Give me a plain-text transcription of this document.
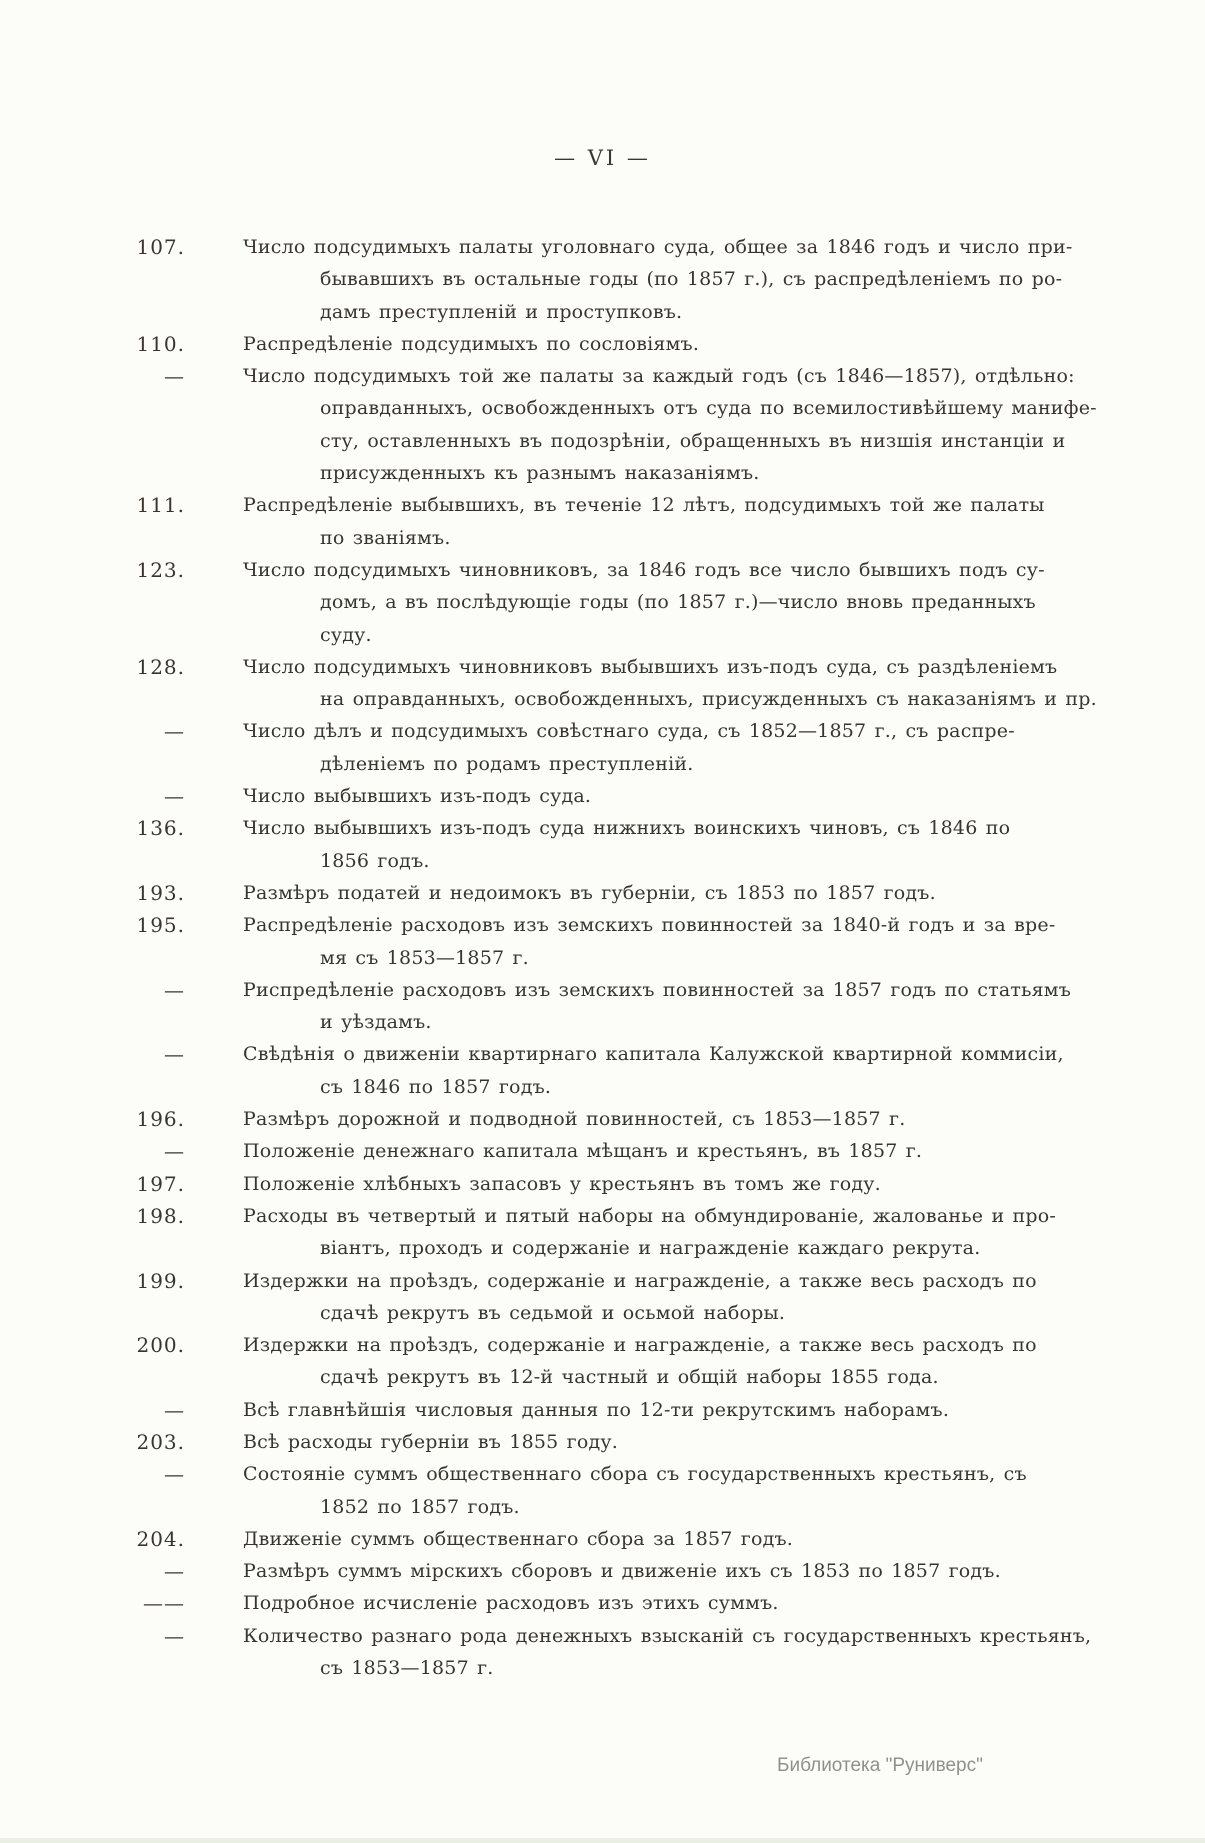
— VI —
107.	Число подсудимыхъ палаты уголовнаго суда, общее за 1846 годъ и число при-
бывавшихъ въ остальные годы (по 1857 г.), съ распредѣленіемъ по ро-
дамъ преступленій и проступковъ.
110.	Распредѣленіе подсудимыхъ по сословіямъ.
—	Число подсудимыхъ той же палаты за каждый годъ (съ 1846—1857), отдѣльно:
оправданныхъ, освобожденныхъ отъ суда по всемилостивѣйшему манифе-
сту, оставленныхъ въ подозрѣніи, обращенныхъ въ низшія инстанціи и
присужденныхъ къ разнымъ наказаніямъ.
111.	Распредѣленіе выбывшихъ, въ теченіе 12 лѣтъ, подсудимыхъ той же палаты
по званіямъ.
123.	Число подсудимыхъ чиновниковъ, за 1846 годъ все число бывшихъ подъ су-
домъ, а въ послѣдующіе годы (по 1857 г.)—число вновь преданныхъ
суду.
128.	Число подсудимыхъ чиновниковъ выбывшихъ изъ-подъ суда, съ раздѣленіемъ
на оправданныхъ, освобожденныхъ, присужденныхъ съ наказаніямъ и пр.
—	Число дѣлъ и подсудимыхъ совѣстнаго суда, съ 1852—1857 г., съ распре-
дѣленіемъ по родамъ преступленій.
—	Число выбывшихъ изъ-подъ суда.
136.	Число выбывшихъ изъ-подъ суда нижнихъ воинскихъ чиновъ, съ 1846 по
1856 годъ.
193.	Размѣръ податей и недоимокъ въ губерніи, съ 1853 по 1857 годъ.
195.	Распредѣленіе расходовъ изъ земскихъ повинностей за 1840-й годъ и за вре-
мя съ 1853—1857 г.
—	Риспредѣленіе расходовъ изъ земскихъ повинностей за 1857 годъ по статьямъ
и уѣздамъ.
—	Свѣдѣнія о движеніи квартирнаго капитала Калужской квартирной коммисіи,
съ 1846 по 1857 годъ.
196.	Размѣръ дорожной и подводной повинностей, съ 1853—1857 г.
—	Положеніе денежнаго капитала мѣщанъ и крестьянъ, въ 1857 г.
197.	Положеніе хлѣбныхъ запасовъ у крестьянъ въ томъ же году.
198.	Расходы въ четвертый и пятый наборы на обмундированіе, жалованье и про-
віантъ, проходъ и содержаніе и награжденіе каждаго рекрута.
199.	Издержки на проѣздъ, содержаніе и награжденіе, а также весь расходъ по
сдачѣ рекрутъ въ седьмой и осьмой наборы.
200.	Издержки на проѣздъ, содержаніе и награжденіе, а также весь расходъ по
сдачѣ рекрутъ въ 12-й частный и общій наборы 1855 года.
—	Всѣ главнѣйшія числовыя данныя по 12-ти рекрутскимъ наборамъ.
203.	Всѣ расходы губерніи въ 1855 году.
—	Состояніе суммъ общественнаго сбора съ государственныхъ крестьянъ, съ
1852 по 1857 годъ.
204.	Движеніе суммъ общественнаго сбора за 1857 годъ.
—	Размѣръ суммъ мірскихъ сборовъ и движеніе ихъ съ 1853 по 1857 годъ.
——	Подробное исчисленіе расходовъ изъ этихъ суммъ.
—	Количество разнаго рода денежныхъ взысканій съ государственныхъ крестьянъ,
съ 1853—1857 г.
Библиотека "Руниверс"
